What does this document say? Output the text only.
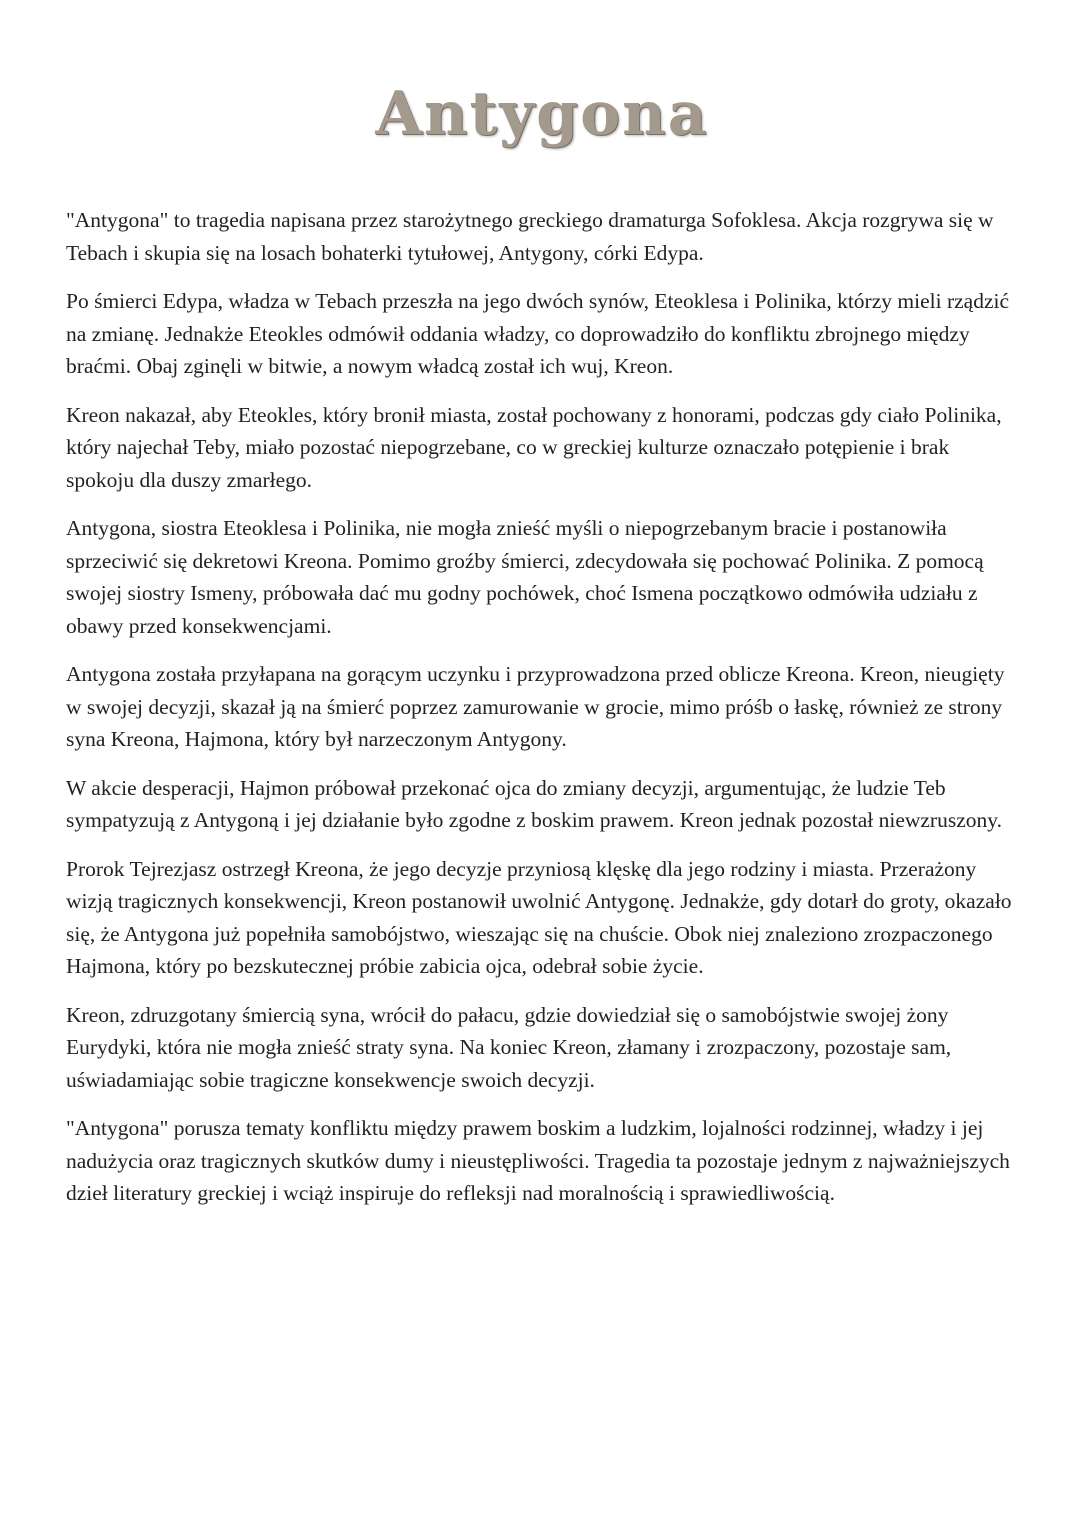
Antygona

"Antygona" to tragedia napisana przez starożytnego greckiego dramaturga Sofoklesa. Akcja rozgrywa się w Tebach i skupia się na losach bohaterki tytułowej, Antygony, córki Edypa.

Po śmierci Edypa, władza w Tebach przeszła na jego dwóch synów, Eteoklesa i Polinika, którzy mieli rządzić na zmianę. Jednakże Eteokles odmówił oddania władzy, co doprowadziło do konfliktu zbrojnego między braćmi. Obaj zginęli w bitwie, a nowym władcą został ich wuj, Kreon.

Kreon nakazał, aby Eteokles, który bronił miasta, został pochowany z honorami, podczas gdy ciało Polinika, który najechał Teby, miało pozostać niepogrzebane, co w greckiej kulturze oznaczało potępienie i brak spokoju dla duszy zmarłego.

Antygona, siostra Eteoklesa i Polinika, nie mogła znieść myśli o niepogrzebanym bracie i postanowiła sprzeciwić się dekretowi Kreona. Pomimo groźby śmierci, zdecydowała się pochować Polinika. Z pomocą swojej siostry Ismeny, próbowała dać mu godny pochówek, choć Ismena początkowo odmówiła udziału z obawy przed konsekwencjami.

Antygona została przyłapana na gorącym uczynku i przyprowadzona przed oblicze Kreona. Kreon, nieugięty w swojej decyzji, skazał ją na śmierć poprzez zamurowanie w grocie, mimo próśb o łaskę, również ze strony syna Kreona, Hajmona, który był narzeczonym Antygony.

W akcie desperacji, Hajmon próbował przekonać ojca do zmiany decyzji, argumentując, że ludzie Teb sympatyzują z Antygoną i jej działanie było zgodne z boskim prawem. Kreon jednak pozostał niewzruszony.

Prorok Tejrezjasz ostrzegł Kreona, że jego decyzje przyniosą klęskę dla jego rodziny i miasta. Przerażony wizją tragicznych konsekwencji, Kreon postanowił uwolnić Antygonę. Jednakże, gdy dotarł do groty, okazało się, że Antygona już popełniła samobójstwo, wieszając się na chuście. Obok niej znaleziono zrozpaczonego Hajmona, który po bezskutecznej próbie zabicia ojca, odebrał sobie życie.

Kreon, zdruzgotany śmiercią syna, wrócił do pałacu, gdzie dowiedział się o samobójstwie swojej żony Eurydyki, która nie mogła znieść straty syna. Na koniec Kreon, złamany i zrozpaczony, pozostaje sam, uświadamiając sobie tragiczne konsekwencje swoich decyzji.

"Antygona" porusza tematy konfliktu między prawem boskim a ludzkim, lojalności rodzinnej, władzy i jej nadużycia oraz tragicznych skutków dumy i nieustępliwości. Tragedia ta pozostaje jednym z najważniejszych dzieł literatury greckiej i wciąż inspiruje do refleksji nad moralnością i sprawiedliwością.
